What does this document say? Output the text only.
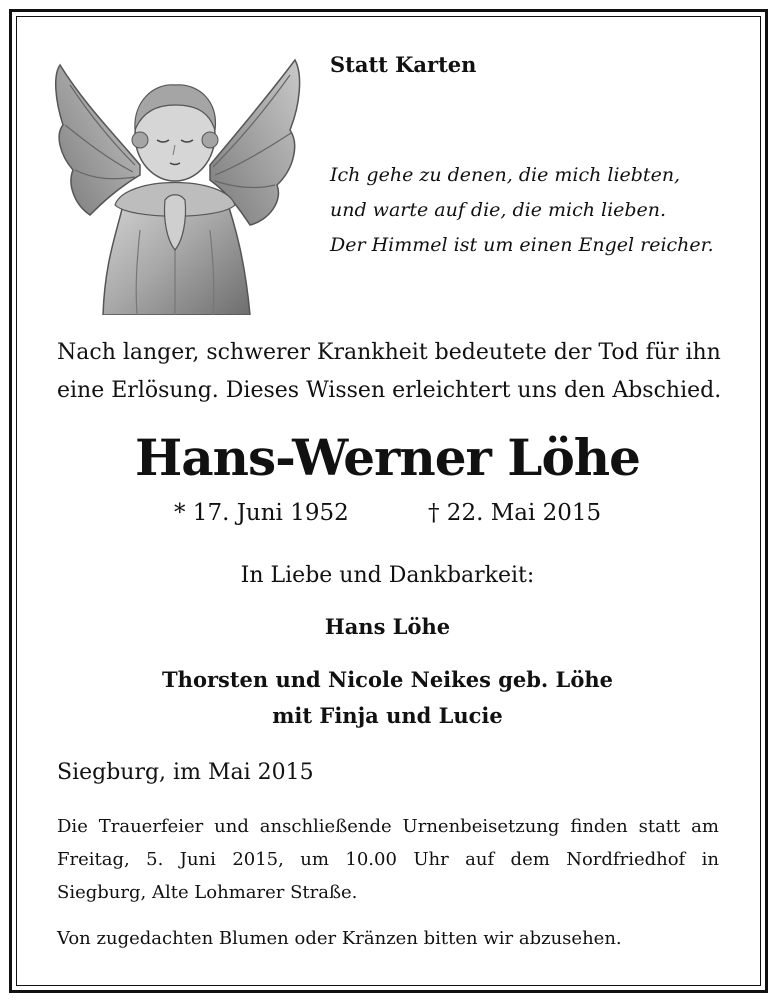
Statt Karten
Ich gehe zu denen, die mich liebten,
und warte auf die, die mich lieben.
Der Himmel ist um einen Engel reicher.
Nach langer, schwerer Krankheit bedeutete der Tod für ihn
eine Erlösung. Dieses Wissen erleichtert uns den Abschied.
Hans-Werner Löhe
* 17. Juni 1952	† 22. Mai 2015
In Liebe und Dankbarkeit:
Hans Löhe
Thorsten und Nicole Neikes geb. Löhe
mit Finja und Lucie
Siegburg, im Mai 2015
Die Trauerfeier und anschließende Urnenbeisetzung finden statt am
Freitag, 5. Juni 2015, um 10.00 Uhr auf dem Nordfriedhof in
Siegburg, Alte Lohmarer Straße.
Von zugedachten Blumen oder Kränzen bitten wir abzusehen.
